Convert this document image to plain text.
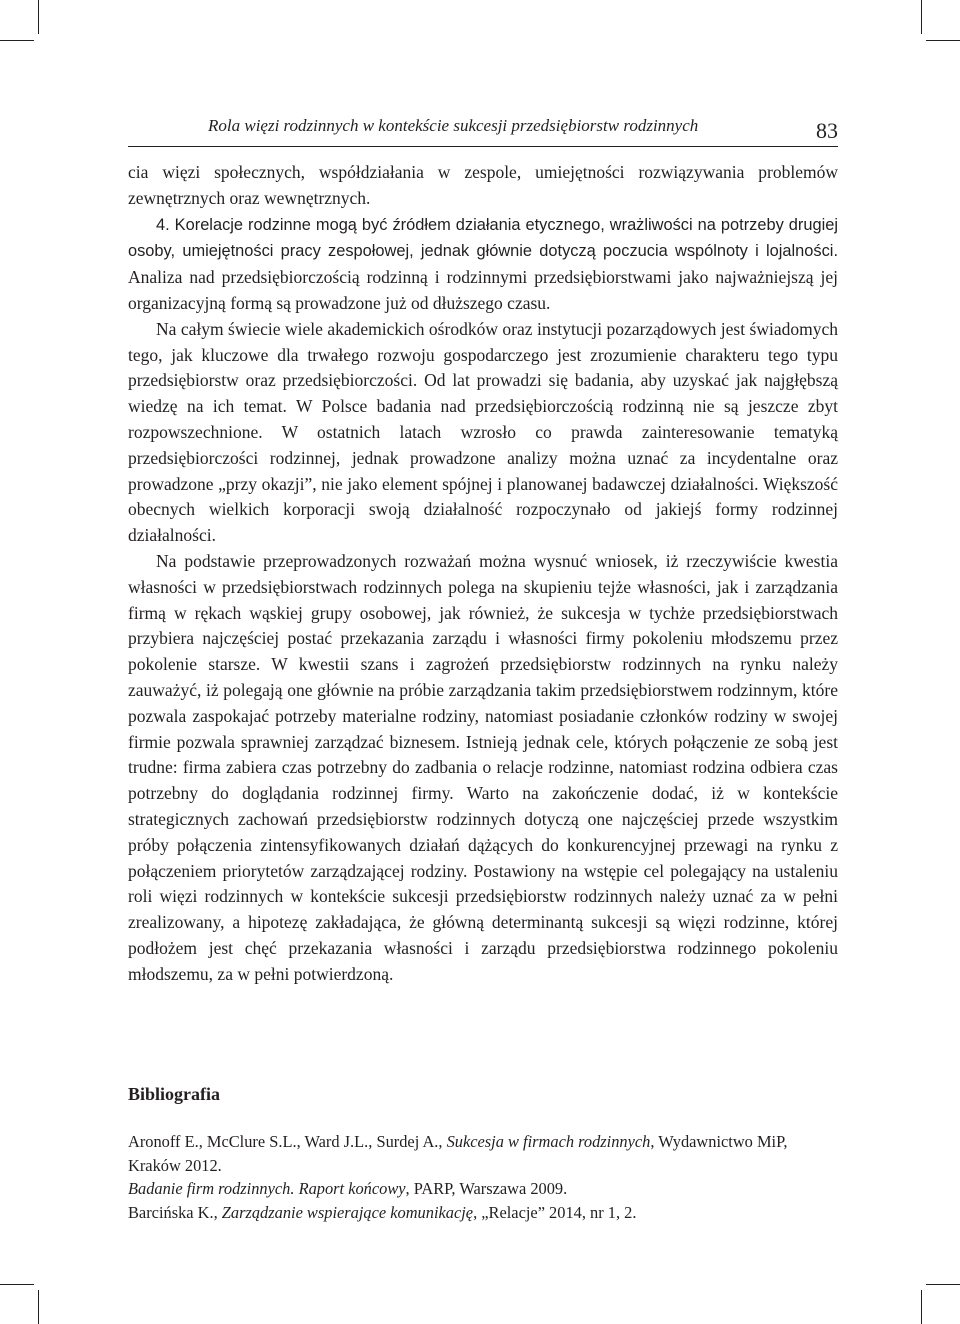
Rola więzi rodzinnych w kontekście sukcesji przedsiębiorstw rodzinnych	83

cia więzi społecznych, współdziałania w zespole, umiejętności rozwiązywania problemów zewnętrznych oraz wewnętrznych.

4. Korelacje rodzinne mogą być źródłem działania etycznego, wrażliwości na potrzeby drugiej osoby, umiejętności pracy zespołowej, jednak głównie dotyczą poczucia wspólnoty i lojalności. Analiza nad przedsiębiorczością rodzinną i rodzinnymi przedsiębiorstwami jako najważniejszą jej organizacyjną formą są prowadzone już od dłuższego czasu.

Na całym świecie wiele akademickich ośrodków oraz instytucji pozarządowych jest świadomych tego, jak kluczowe dla trwałego rozwoju gospodarczego jest zrozumienie charakteru tego typu przedsiębiorstw oraz przedsiębiorczości. Od lat prowadzi się badania, aby uzyskać jak najgłębszą wiedzę na ich temat. W Polsce badania nad przedsiębiorczością rodzinną nie są jeszcze zbyt rozpowszechnione. W ostatnich latach wzrosło co prawda zainteresowanie tematyką przedsiębiorczości rodzinnej, jednak prowadzone analizy można uznać za incydentalne oraz prowadzone „przy okazji”, nie jako element spójnej i planowanej badawczej działalności. Większość obecnych wielkich korporacji swoją działalność rozpoczynało od jakiejś formy rodzinnej działalności.

Na podstawie przeprowadzonych rozważań można wysnuć wniosek, iż rzeczywiście kwestia własności w przedsiębiorstwach rodzinnych polega na skupieniu tejże własności, jak i zarządzania firmą w rękach wąskiej grupy osobowej, jak również, że sukcesja w tychże przedsiębiorstwach przybiera najczęściej postać przekazania zarządu i własności firmy pokoleniu młodszemu przez pokolenie starsze. W kwestii szans i zagrożeń przedsiębiorstw rodzinnych na rynku należy zauważyć, iż polegają one głównie na próbie zarządzania takim przedsiębiorstwem rodzinnym, które pozwala zaspokajać potrzeby materialne rodziny, natomiast posiadanie członków rodziny w swojej firmie pozwala sprawniej zarządzać biznesem. Istnieją jednak cele, których połączenie ze sobą jest trudne: firma zabiera czas potrzebny do zadbania o relacje rodzinne, natomiast rodzina odbiera czas potrzebny do doglądania rodzinnej firmy. Warto na zakończenie dodać, iż w kontekście strategicznych zachowań przedsiębiorstw rodzinnych dotyczą one najczęściej przede wszystkim próby połączenia zintensyfikowanych działań dążących do konkurencyjnej przewagi na rynku z połączeniem priorytetów zarządzającej rodziny. Postawiony na wstępie cel polegający na ustaleniu roli więzi rodzinnych w kontekście sukcesji przedsiębiorstw rodzinnych należy uznać za w pełni zrealizowany, a hipotezę zakładająca, że główną determinantą sukcesji są więzi rodzinne, której podłożem jest chęć przekazania własności i zarządu przedsiębiorstwa rodzinnego pokoleniu młodszemu, za w pełni potwierdzoną.

Bibliografia

Aronoff E., McClure S.L., Ward J.L., Surdej A., Sukcesja w firmach rodzinnych, Wydawnictwo MiP, Kraków 2012.

Badanie firm rodzinnych. Raport końcowy, PARP, Warszawa 2009.

Barcińska K., Zarządzanie wspierające komunikację, „Relacje” 2014, nr 1, 2.
